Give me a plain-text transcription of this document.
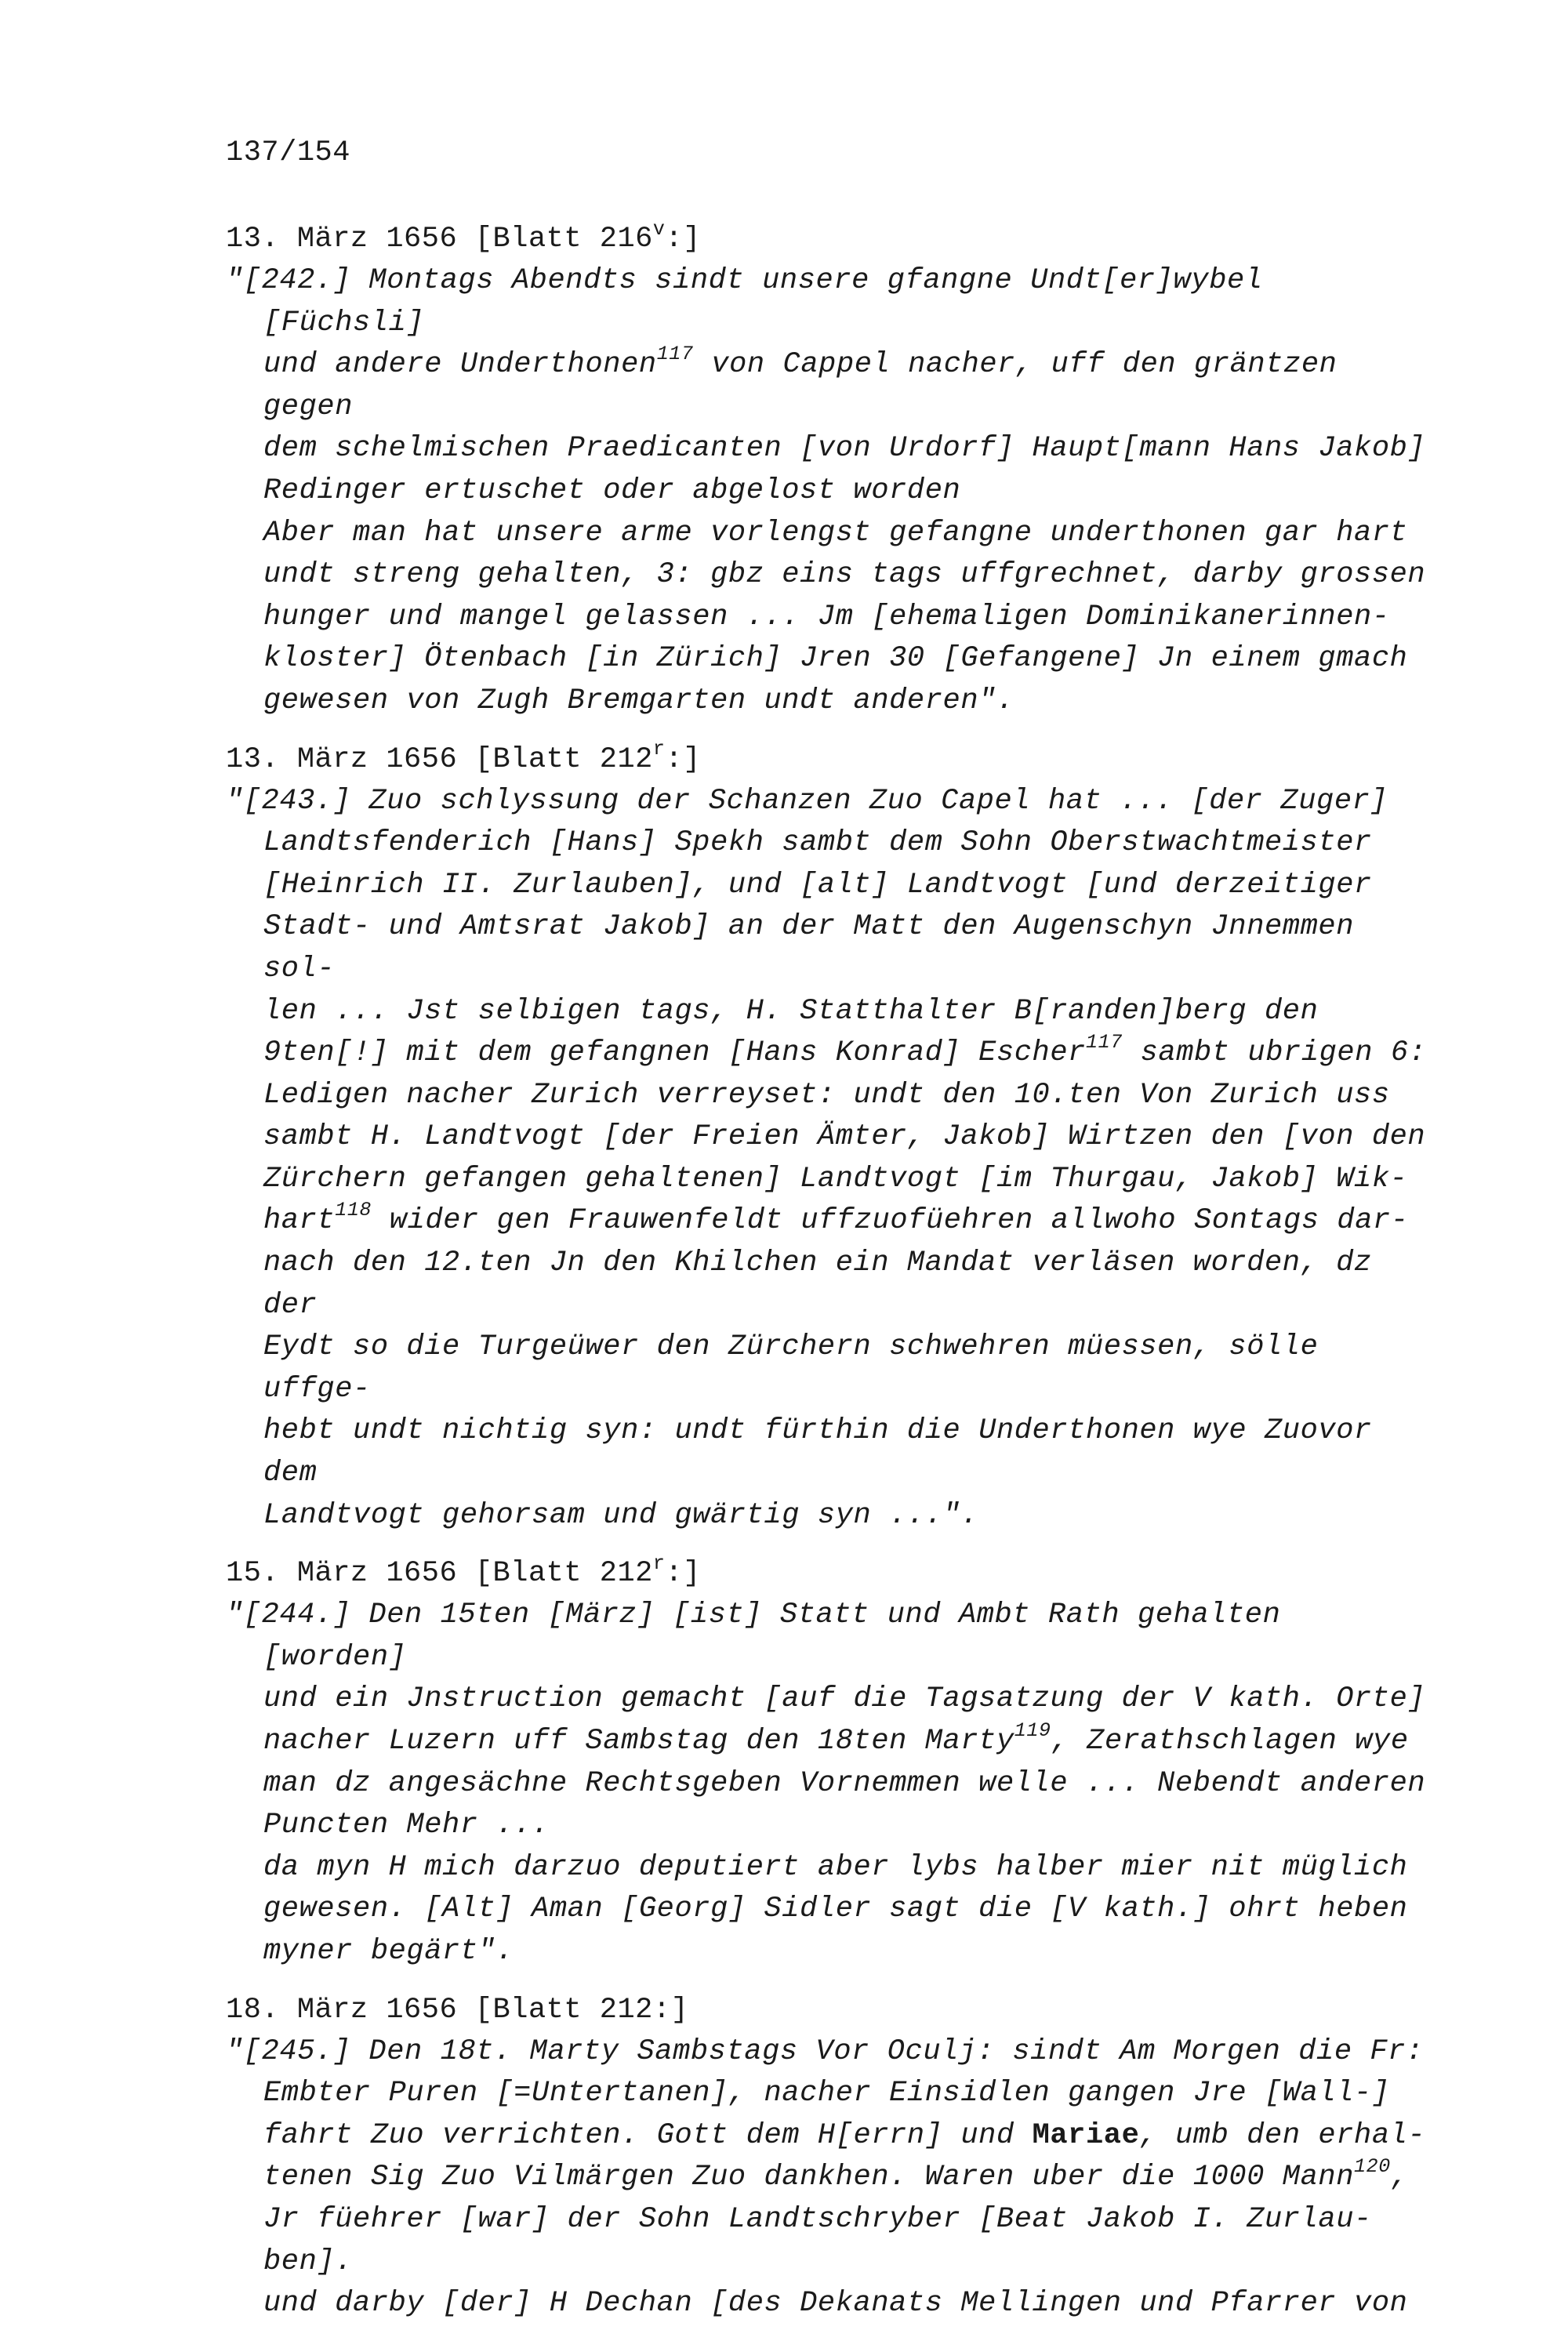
137/154
13. März 1656 [Blatt 216$^v$:]
"[242.] Montags Abendts sindt unsere gfangne Undt[er]wybel [Füchsli]
und andere Underthonen$^{117}$ von Cappel nacher, uff den gräntzen gegen
dem schelmischen Praedicanten [von Urdorf] Haupt[mann Hans Jakob]
Redinger ertuschet oder abgelost worden
Aber man hat unsere arme vorlengst gefangne underthonen gar hart
undt streng gehalten, 3: gbz eins tags uffgrechnet, darby grossen
hunger und mangel gelassen ... Jm [ehemaligen Dominikanerinnen-
kloster] Ötenbach [in Zürich] Jren 30 [Gefangene] Jn einem gmach
gewesen von Zugh Bremgarten undt anderen".
13. März 1656 [Blatt 212$^r$:]
"[243.] Zuo schlyssung der Schanzen Zuo Capel hat ... [der Zuger]
Landtsfenderich [Hans] Spekh sambt dem Sohn Oberstwachtmeister
[Heinrich II. Zurlauben], und [alt] Landtvogt [und derzeitiger
Stadt- und Amtsrat Jakob] an der Matt den Augenschyn Jnnemmen sol-
len ... Jst selbigen tags, H. Statthalter B[randen]berg den
9ten[!] mit dem gefangnen [Hans Konrad] Escher$^{117}$ sambt ubrigen 6:
Ledigen nacher Zurich verreyset: undt den 10.ten Von Zurich uss
sambt H. Landtvogt [der Freien Ämter, Jakob] Wirtzen den [von den
Zürchern gefangen gehaltenen] Landtvogt [im Thurgau, Jakob] Wik-
hart$^{118}$ wider gen Frauwenfeldt uffzuofüehren allwoho Sontags dar-
nach den 12.ten Jn den Khilchen ein Mandat verläsen worden, dz der
Eydt so die Turgeüwer den Zürchern schwehren müessen, sölle uffge-
hebt undt nichtig syn: undt fürthin die Underthonen wye Zuovor dem
Landtvogt gehorsam und gwärtig syn ...".
15. März 1656 [Blatt 212$^r$:]
"[244.] Den 15ten [März] [ist] Statt und Ambt Rath gehalten [worden]
und ein Jnstruction gemacht [auf die Tagsatzung der V kath. Orte]
nacher Luzern uff Sambstag den 18ten Marty$^{119}$, Zerathschlagen wye
man dz angesächne Rechtsgeben Vornemmen welle ... Nebendt anderen
Puncten Mehr ...
da myn H mich darzuo deputiert aber lybs halber mier nit müglich
gewesen. [Alt] Aman [Georg] Sidler sagt die [V kath.] ohrt heben
myner begärt".
18. März 1656 [Blatt 212:]
"[245.] Den 18t. Marty Sambstags Vor Oculj: sindt Am Morgen die Fr:
Embter Puren [=Untertanen], nacher Einsidlen gangen Jre [Wall-]
fahrt Zuo verrichten. Gott dem H[errn] und Mariae, umb den erhal-
tenen Sig Zuo Vilmärgen Zuo dankhen. Waren uber die 1000 Mann$^{120}$,
Jr füehrer [war] der Sohn Landtschryber [Beat Jakob I. Zurlau-
ben].
und darby [der] H Dechan [des Dekanats Mellingen und Pfarrer von
